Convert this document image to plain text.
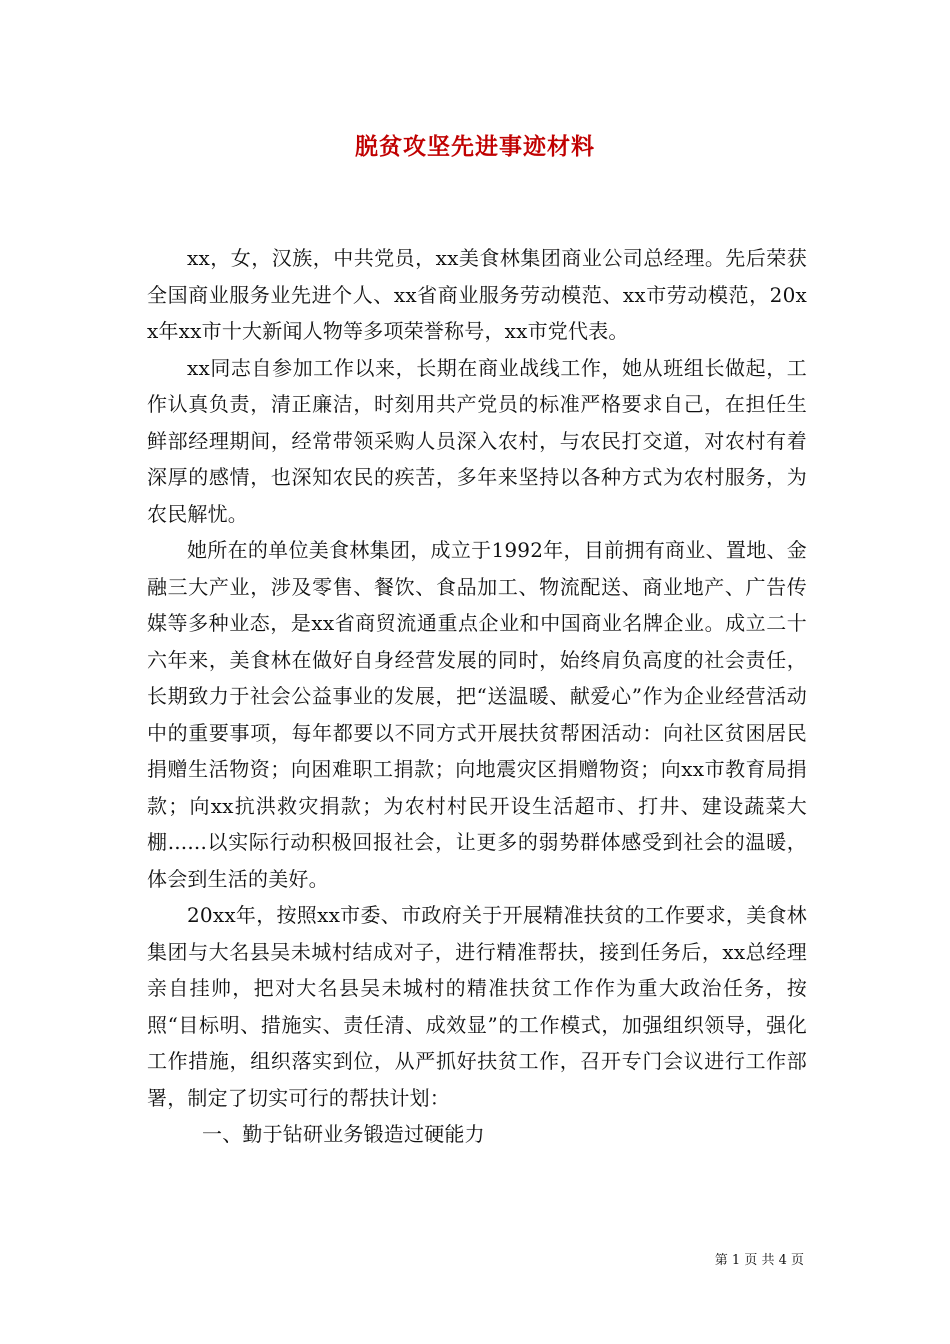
脱贫攻坚先进事迹材料

xx，女，汉族，中共党员，xx美食林集团商业公司总经理。先后荣获全国商业服务业先进个人、xx省商业服务劳动模范、xx市劳动模范，20xx年xx市十大新闻人物等多项荣誉称号，xx市党代表。

xx同志自参加工作以来，长期在商业战线工作，她从班组长做起，工作认真负责，清正廉洁，时刻用共产党员的标准严格要求自己，在担任生鲜部经理期间，经常带领采购人员深入农村，与农民打交道，对农村有着深厚的感情，也深知农民的疾苦，多年来坚持以各种方式为农村服务，为农民解忧。

她所在的单位美食林集团，成立于1992年，目前拥有商业、置地、金融三大产业，涉及零售、餐饮、食品加工、物流配送、商业地产、广告传媒等多种业态，是xx省商贸流通重点企业和中国商业名牌企业。成立二十六年来，美食林在做好自身经营发展的同时，始终肩负高度的社会责任，长期致力于社会公益事业的发展，把“送温暖、献爱心”作为企业经营活动中的重要事项，每年都要以不同方式开展扶贫帮困活动：向社区贫困居民捐赠生活物资；向困难职工捐款；向地震灾区捐赠物资；向xx市教育局捐款；向xx抗洪救灾捐款；为农村村民开设生活超市、打井、建设蔬菜大棚......以实际行动积极回报社会，让更多的弱势群体感受到社会的温暖，体会到生活的美好。

20xx年，按照xx市委、市政府关于开展精准扶贫的工作要求，美食林集团与大名县吴未城村结成对子，进行精准帮扶，接到任务后，xx总经理亲自挂帅，把对大名县吴未城村的精准扶贫工作作为重大政治任务，按照“目标明、措施实、责任清、成效显”的工作模式，加强组织领导，强化工作措施，组织落实到位，从严抓好扶贫工作，召开专门会议进行工作部署，制定了切实可行的帮扶计划：

一、勤于钻研业务锻造过硬能力

第 1 页 共 4 页
